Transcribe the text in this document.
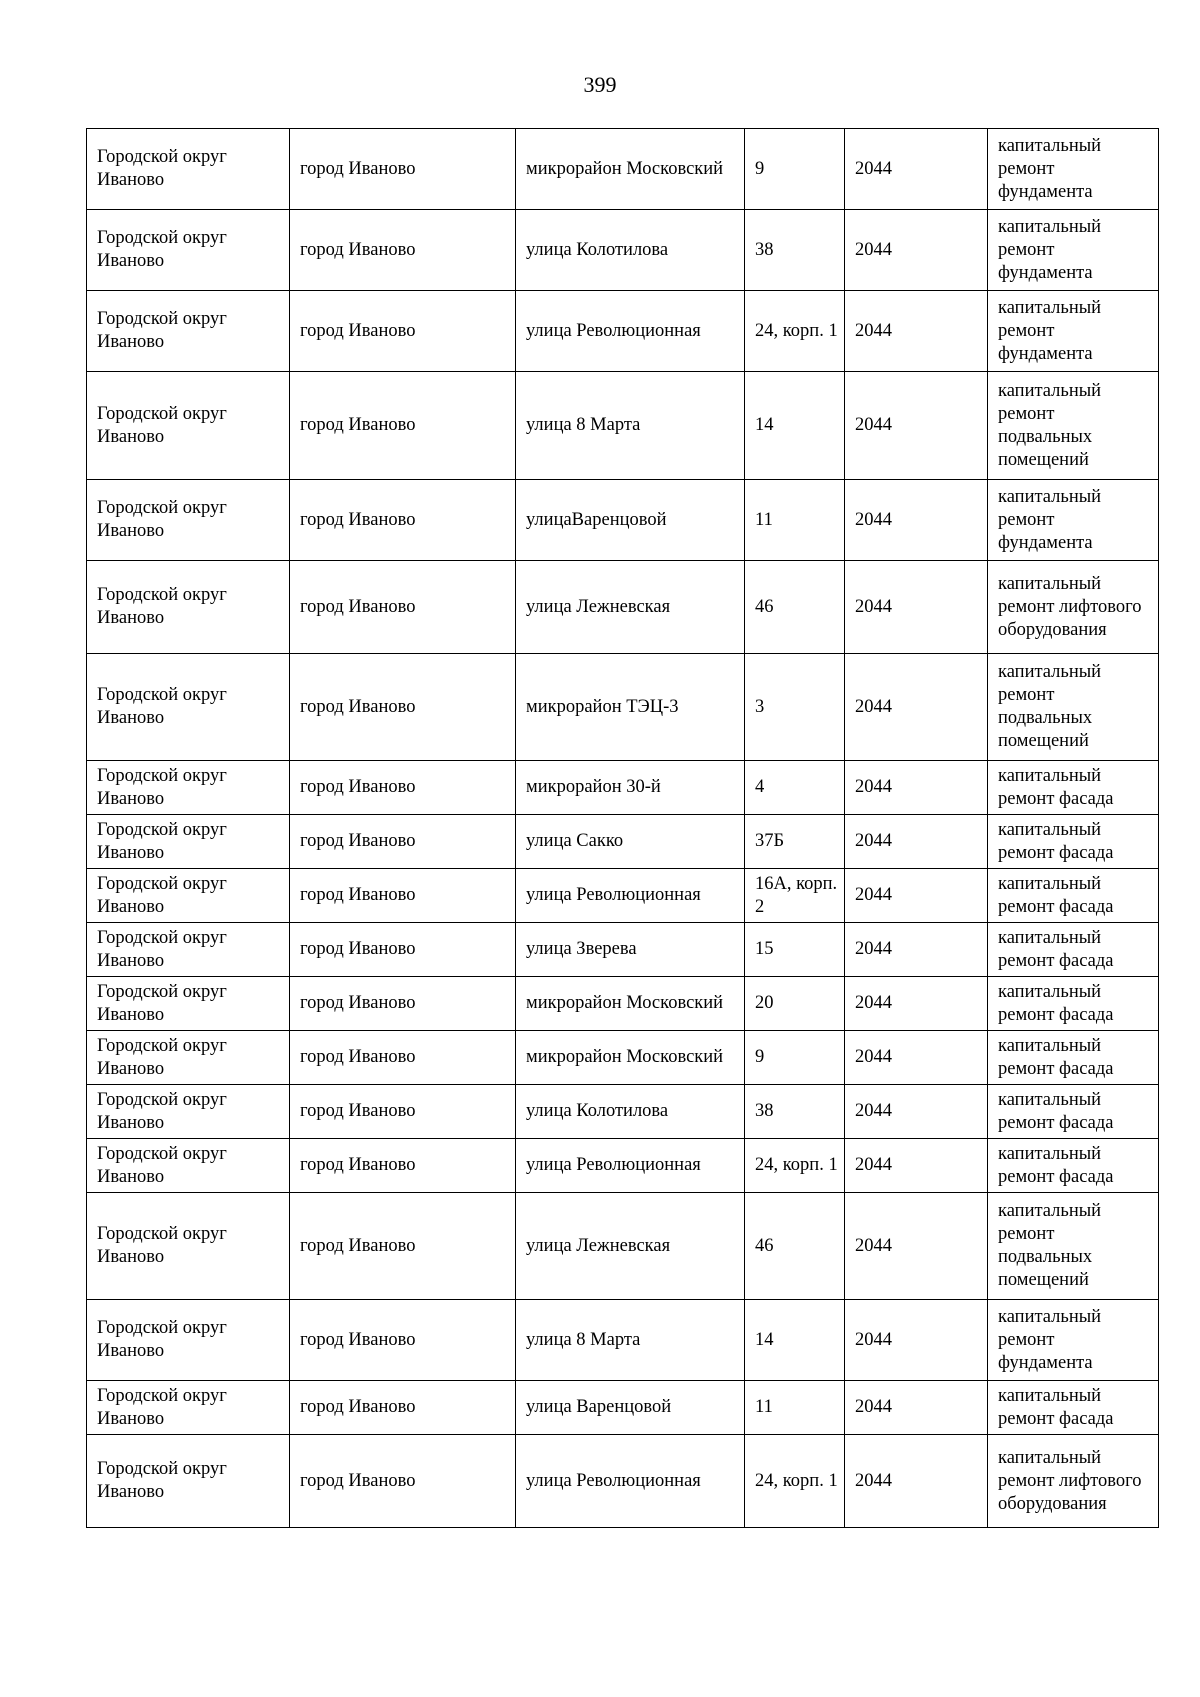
399
Городской округ Иваново	город Иваново	микрорайон Московский	9	2044	капитальный ремонт фундамента
Городской округ Иваново	город Иваново	улица Колотилова	38	2044	капитальный ремонт фундамента
Городской округ Иваново	город Иваново	улица Революционная	24, корп. 1	2044	капитальный ремонт фундамента
Городской округ Иваново	город Иваново	улица 8 Марта	14	2044	капитальный ремонт подвальных помещений
Городской округ Иваново	город Иваново	улицаВаренцовой	11	2044	капитальный ремонт фундамента
Городской округ Иваново	город Иваново	улица Лежневская	46	2044	капитальный ремонт лифтового оборудования
Городской округ Иваново	город Иваново	микрорайон ТЭЦ-3	3	2044	капитальный ремонт подвальных помещений
Городской округ Иваново	город Иваново	микрорайон 30-й	4	2044	капитальный ремонт фасада
Городской округ Иваново	город Иваново	улица Сакко	37Б	2044	капитальный ремонт фасада
Городской округ Иваново	город Иваново	улица Революционная	16А, корп. 2	2044	капитальный ремонт фасада
Городской округ Иваново	город Иваново	улица Зверева	15	2044	капитальный ремонт фасада
Городской округ Иваново	город Иваново	микрорайон Московский	20	2044	капитальный ремонт фасада
Городской округ Иваново	город Иваново	микрорайон Московский	9	2044	капитальный ремонт фасада
Городской округ Иваново	город Иваново	улица Колотилова	38	2044	капитальный ремонт фасада
Городской округ Иваново	город Иваново	улица Революционная	24, корп. 1	2044	капитальный ремонт фасада
Городской округ Иваново	город Иваново	улица Лежневская	46	2044	капитальный ремонт подвальных помещений
Городской округ Иваново	город Иваново	улица 8 Марта	14	2044	капитальный ремонт фундамента
Городской округ Иваново	город Иваново	улица Варенцовой	11	2044	капитальный ремонт фасада
Городской округ Иваново	город Иваново	улица Революционная	24, корп. 1	2044	капитальный ремонт лифтового оборудования
